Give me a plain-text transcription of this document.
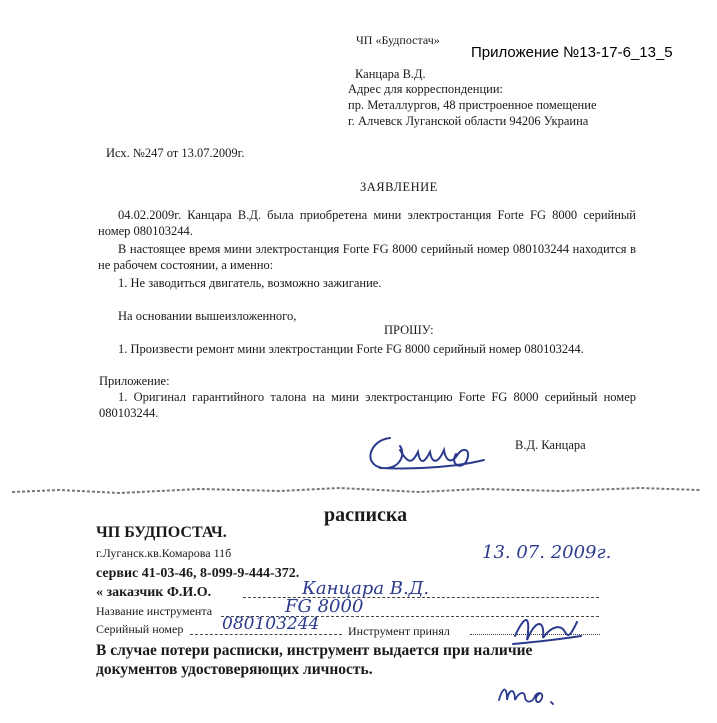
ЧП «Будпостач»
Приложение №13-17-6_13_5
Канцара В.Д.
Адрес для корреспонденции:
пр. Металлургов, 48 пристроенное помещение
г. Алчевск Луганской области 94206 Украина
Исх. №247 от 13.07.2009г.
ЗАЯВЛЕНИЕ
04.02.2009г. Канцара В.Д. была приобретена мини электростанция Forte FG 8000 серийный
номер 080103244.
В настоящее время мини электростанция Forte FG 8000 серийный номер 080103244 находится в
не рабочем состоянии, а именно:
1. Не заводиться двигатель, возможно зажигание.
На основании вышеизложенного,
ПРОШУ:
1. Произвести ремонт мини электростанции Forte FG 8000 серийный номер 080103244.
Приложение:
1. Оригинал гарантийного талона на мини электростанцию Forte FG 8000 серийный номер
080103244.
В.Д. Канцара
расписка
ЧП БУДПОСТАЧ.
г.Луганск.кв.Комарова 11б
сервис 41-03-46, 8-099-9-444-372.
13. 07. 2009г.
« заказчик Ф.И.О.	Канцара В.Д.
Название инструмента	FG 8000
Серийный номер 080103244 Инструмент принял
В случае потери расписки, инструмент выдается при наличие
документов удостоверяющих личность.
